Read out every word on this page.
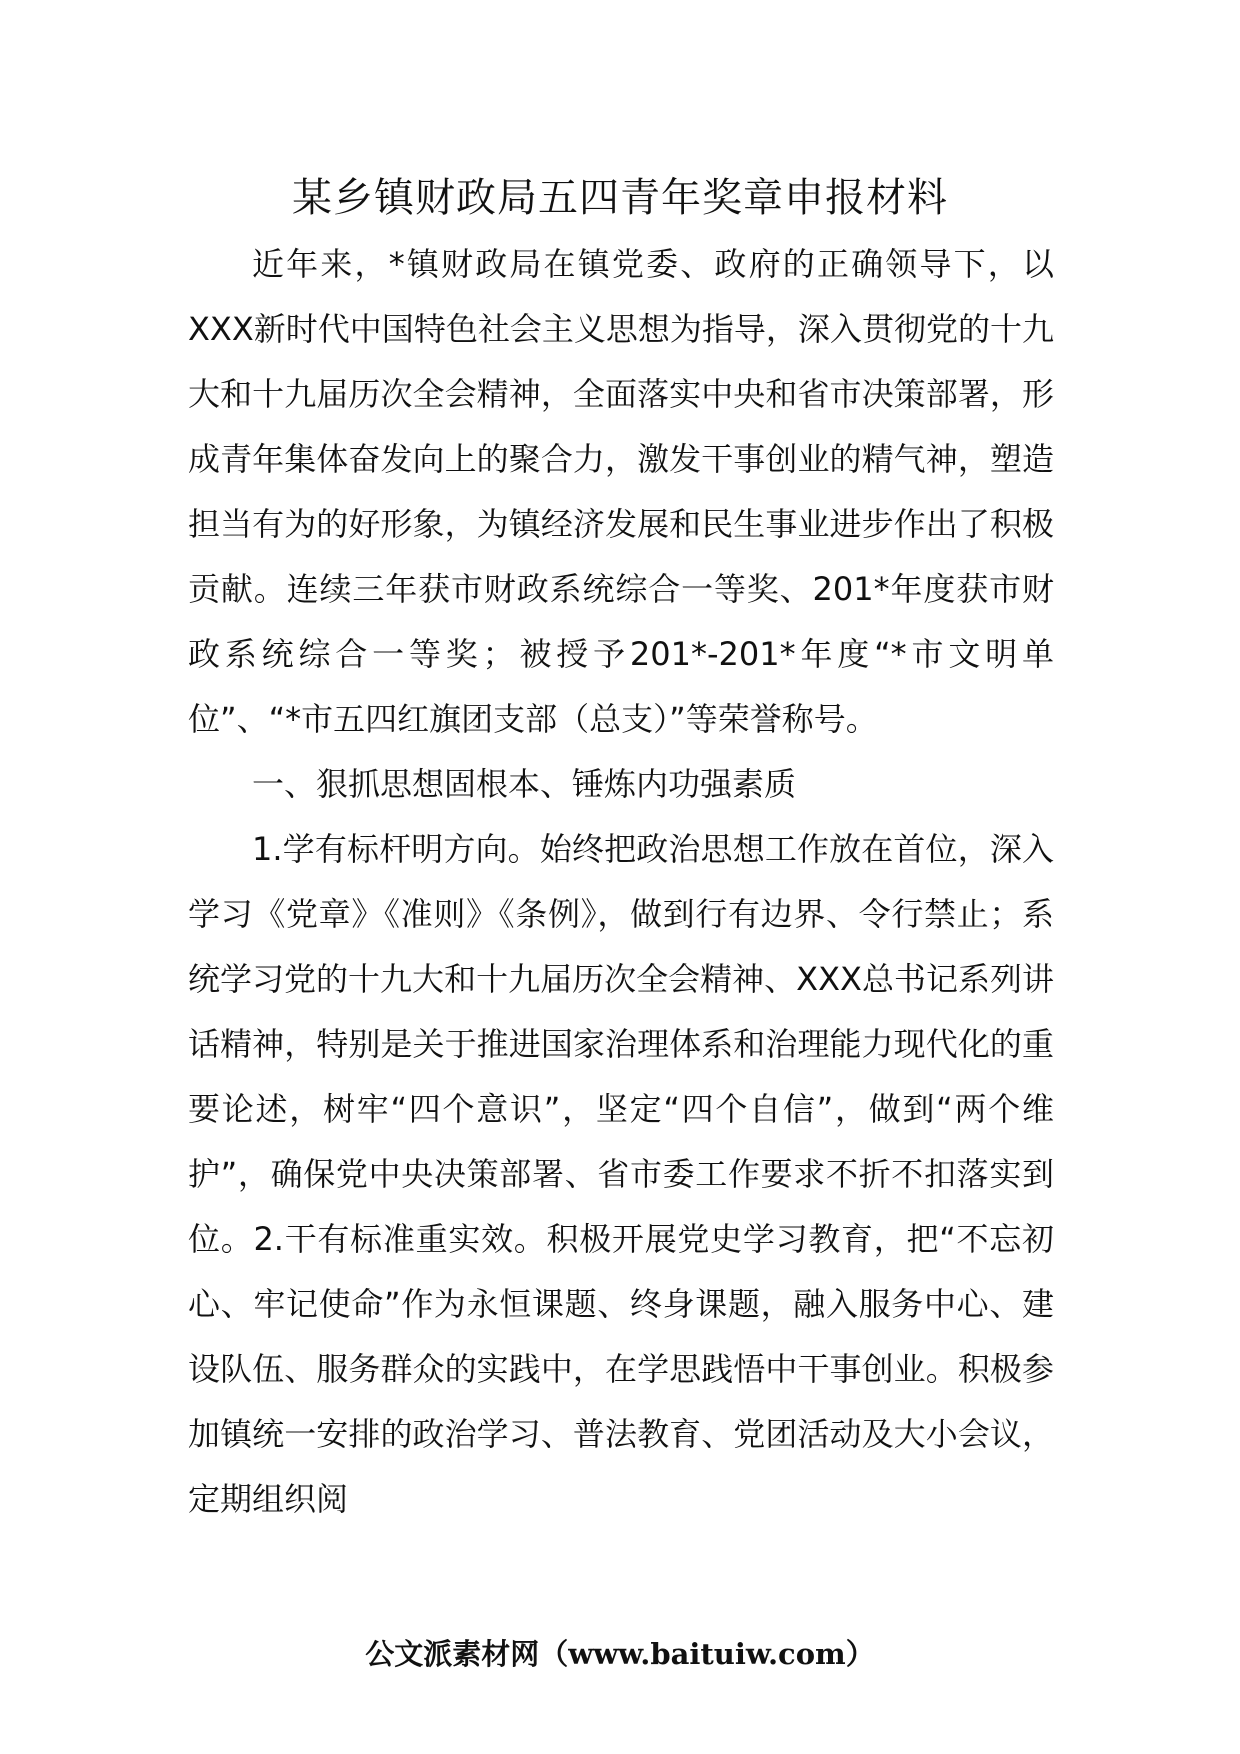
某乡镇财政局五四青年奖章申报材料

近年来，*镇财政局在镇党委、政府的正确领导下，以XXX新时代中国特色社会主义思想为指导，深入贯彻党的十九大和十九届历次全会精神，全面落实中央和省市决策部署，形成青年集体奋发向上的聚合力，激发干事创业的精气神，塑造担当有为的好形象，为镇经济发展和民生事业进步作出了积极贡献。连续三年获市财政系统综合一等奖、201*年度获市财政系统综合一等奖；被授予201*-201*年度“*市文明单位”、“*市五四红旗团支部（总支）”等荣誉称号。

一、狠抓思想固根本、锤炼内功强素质

1.学有标杆明方向。始终把政治思想工作放在首位，深入学习《党章》《准则》《条例》，做到行有边界、令行禁止；系统学习党的十九大和十九届历次全会精神、XXX总书记系列讲话精神，特别是关于推进国家治理体系和治理能力现代化的重要论述，树牢“四个意识”，坚定“四个自信”，做到“两个维护”，确保党中央决策部署、省市委工作要求不折不扣落实到位。2.干有标准重实效。积极开展党史学习教育，把“不忘初心、牢记使命”作为永恒课题、终身课题，融入服务中心、建设队伍、服务群众的实践中，在学思践悟中干事创业。积极参加镇统一安排的政治学习、普法教育、党团活动及大小会议，定期组织阅

公文派素材网（www.baituiw.com）
